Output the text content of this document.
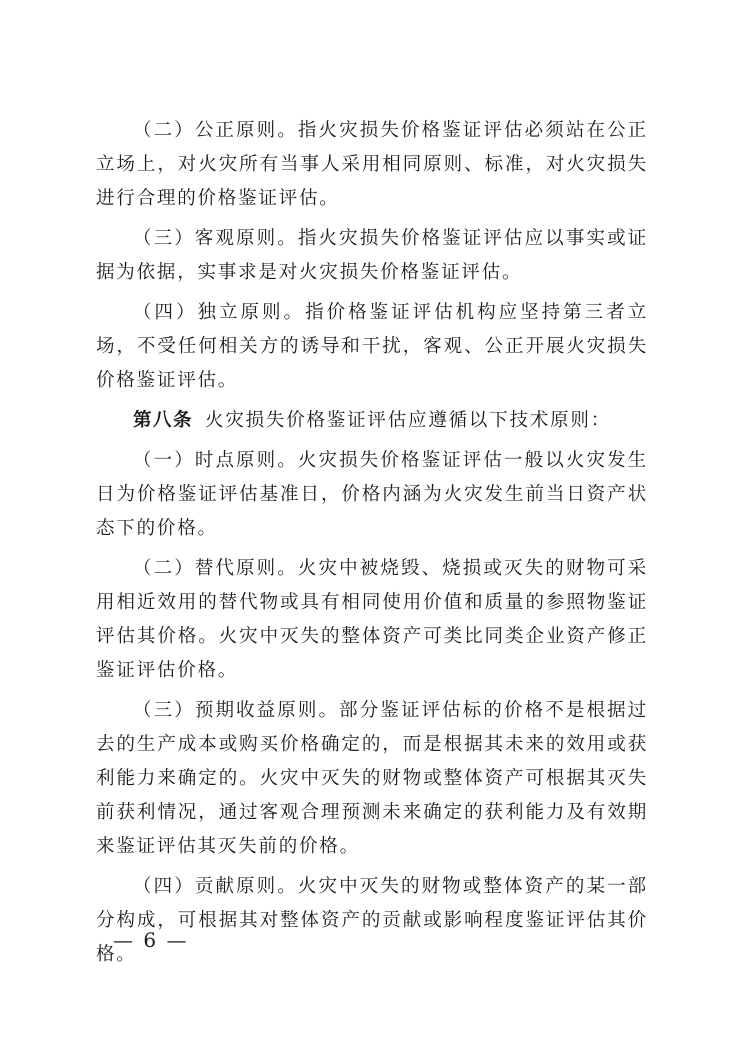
（二）公正原则。指火灾损失价格鉴证评估必须站在公正立场上，对火灾所有当事人采用相同原则、标准，对火灾损失进行合理的价格鉴证评估。

（三）客观原则。指火灾损失价格鉴证评估应以事实或证据为依据，实事求是对火灾损失价格鉴证评估。

（四）独立原则。指价格鉴证评估机构应坚持第三者立场，不受任何相关方的诱导和干扰，客观、公正开展火灾损失价格鉴证评估。

第八条 火灾损失价格鉴证评估应遵循以下技术原则：

（一）时点原则。火灾损失价格鉴证评估一般以火灾发生日为价格鉴证评估基准日，价格内涵为火灾发生前当日资产状态下的价格。

（二）替代原则。火灾中被烧毁、烧损或灭失的财物可采用相近效用的替代物或具有相同使用价值和质量的参照物鉴证评估其价格。火灾中灭失的整体资产可类比同类企业资产修正鉴证评估价格。

（三）预期收益原则。部分鉴证评估标的价格不是根据过去的生产成本或购买价格确定的，而是根据其未来的效用或获利能力来确定的。火灾中灭失的财物或整体资产可根据其灭失前获利情况，通过客观合理预测未来确定的获利能力及有效期来鉴证评估其灭失前的价格。

（四）贡献原则。火灾中灭失的财物或整体资产的某一部分构成，可根据其对整体资产的贡献或影响程度鉴证评估其价格。

— 6 —
